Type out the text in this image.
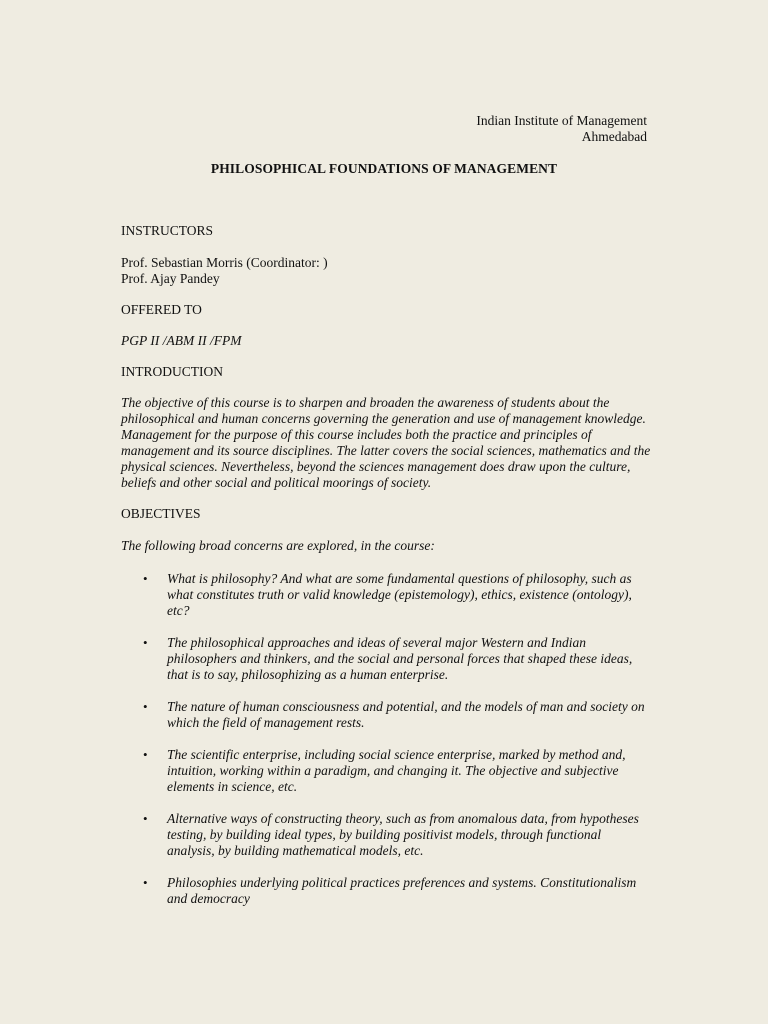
Indian Institute of Management
Ahmedabad
PHILOSOPHICAL FOUNDATIONS OF MANAGEMENT

INSTRUCTORS

Prof. Sebastian Morris (Coordinator: )

Prof. Ajay Pandey

OFFERED TO

PGP II /ABM II /FPM

INTRODUCTION

The objective of this course is to sharpen and broaden the awareness of students about the philosophical and human concerns governing the generation and use of management knowledge. Management for the purpose of this course includes both the practice and principles of management and its source disciplines. The latter covers the social sciences, mathematics and the physical sciences. Nevertheless, beyond the sciences management does draw upon the culture, beliefs and other social and political moorings of society.

OBJECTIVES

The following broad concerns are explored, in the course:

• What is philosophy? And what are some fundamental questions of philosophy, such as what constitutes truth or valid knowledge (epistemology), ethics, existence (ontology), etc?
• The philosophical approaches and ideas of several major Western and Indian philosophers and thinkers, and the social and personal forces that shaped these ideas, that is to say, philosophizing as a human enterprise.
• The nature of human consciousness and potential, and the models of man and society on which the field of management rests.
• The scientific enterprise, including social science enterprise, marked by method and, intuition, working within a paradigm, and changing it. The objective and subjective elements in science, etc.
• Alternative ways of constructing theory, such as from anomalous data, from hypotheses testing, by building ideal types, by building positivist models, through functional analysis, by building mathematical models, etc.
• Philosophies underlying political practices preferences and systems. Constitutionalism and democracy
